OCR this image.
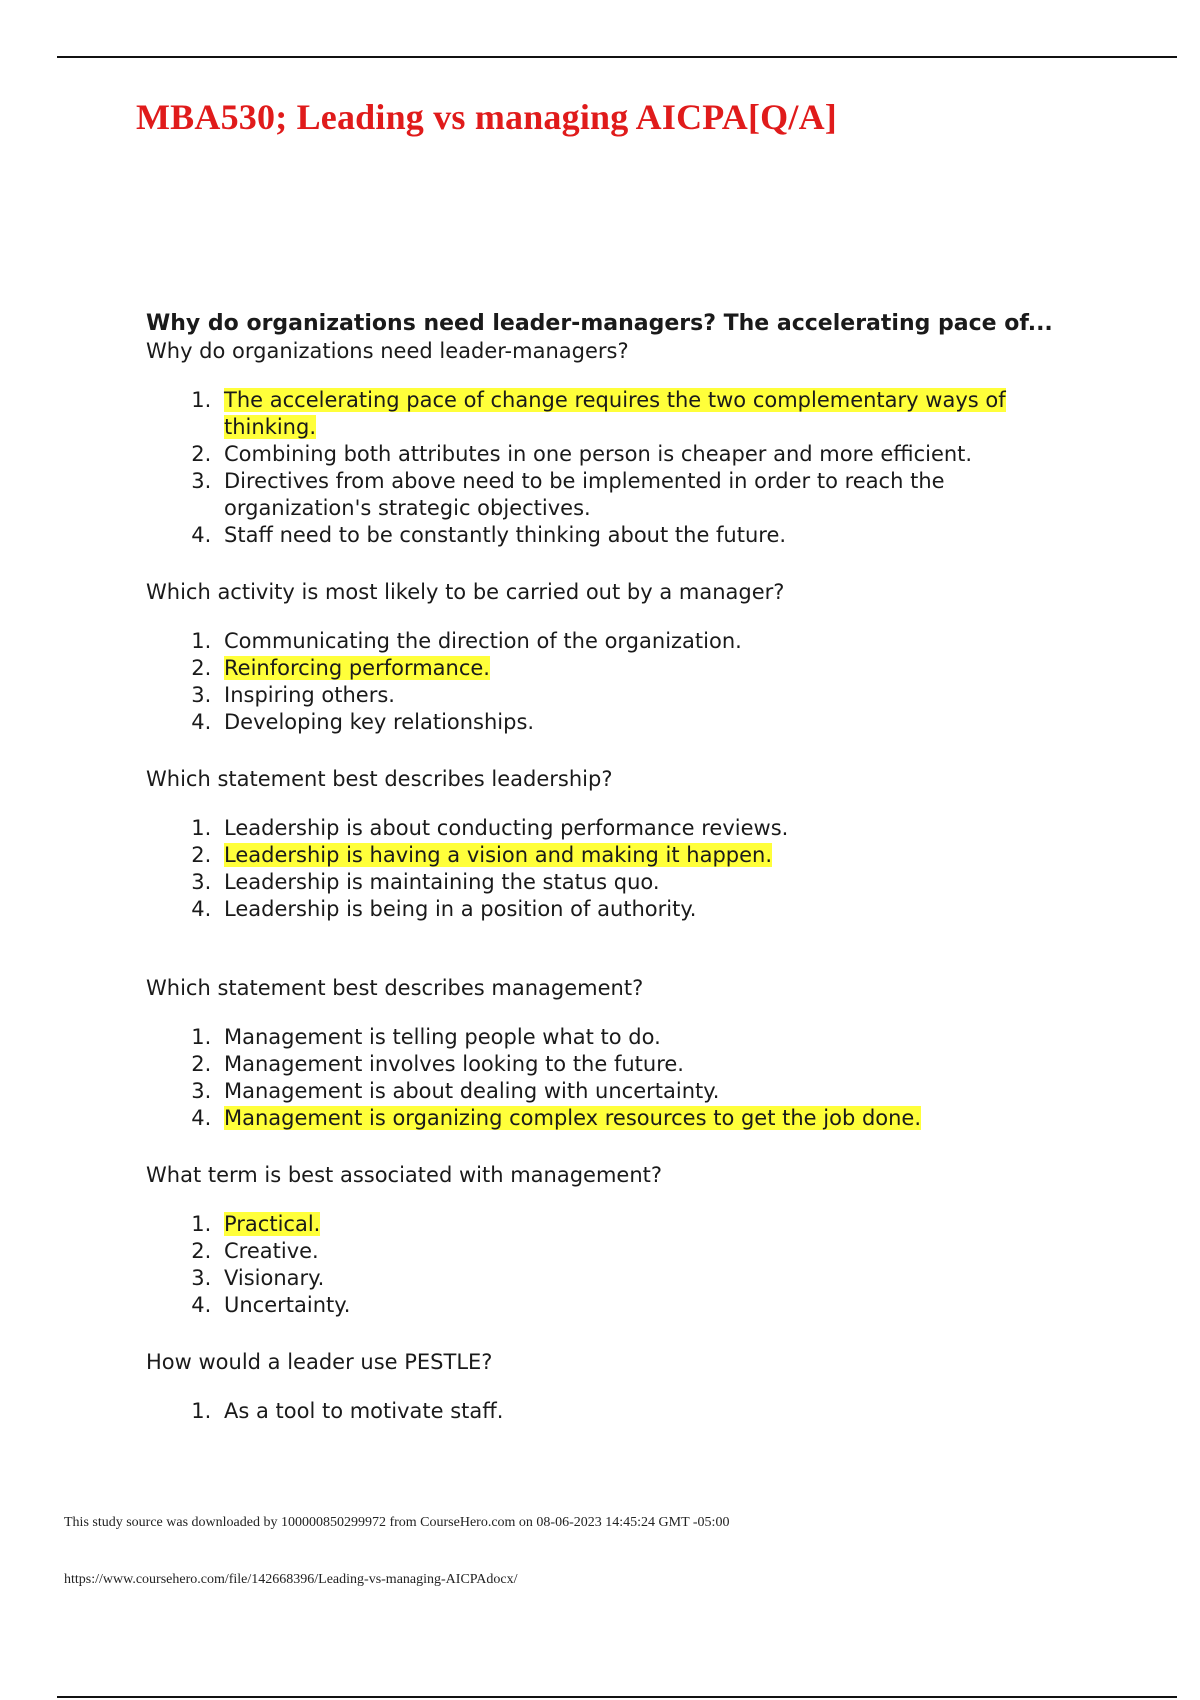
MBA530; Leading vs managing AICPA[Q/A]

Why do organizations need leader-managers? The accelerating pace of...

Why do organizations need leader-managers?

1. The accelerating pace of change requires the two complementary ways of thinking.
2. Combining both attributes in one person is cheaper and more efficient.
3. Directives from above need to be implemented in order to reach the organization's strategic objectives.
4. Staff need to be constantly thinking about the future.

Which activity is most likely to be carried out by a manager?

1. Communicating the direction of the organization.
2. Reinforcing performance.
3. Inspiring others.
4. Developing key relationships.

Which statement best describes leadership?

1. Leadership is about conducting performance reviews.
2. Leadership is having a vision and making it happen.
3. Leadership is maintaining the status quo.
4. Leadership is being in a position of authority.

Which statement best describes management?

1. Management is telling people what to do.
2. Management involves looking to the future.
3. Management is about dealing with uncertainty.
4. Management is organizing complex resources to get the job done.

What term is best associated with management?

1. Practical.
2. Creative.
3. Visionary.
4. Uncertainty.

How would a leader use PESTLE?

1. As a tool to motivate staff.
This study source was downloaded by 100000850299972 from CourseHero.com on 08-06-2023 14:45:24 GMT -05:00
https://www.coursehero.com/file/142668396/Leading-vs-managing-AICPAdocx/
